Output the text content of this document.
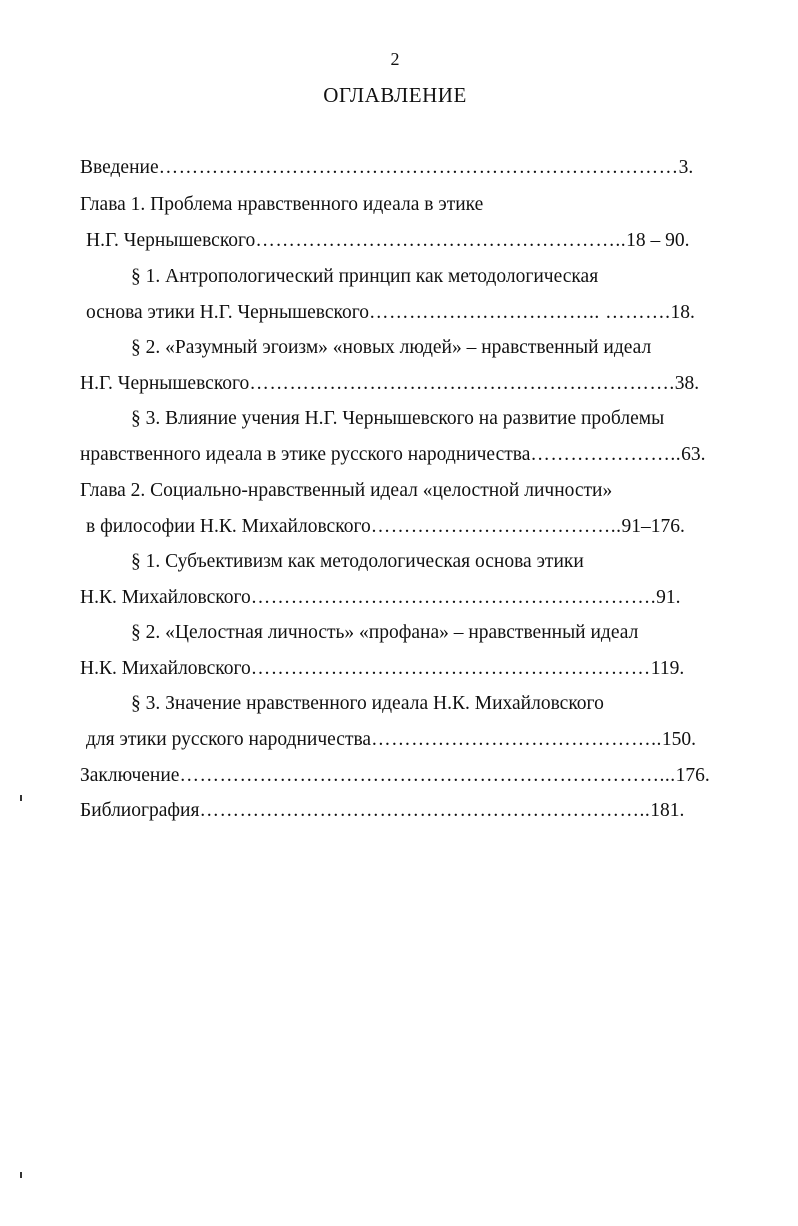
2
ОГЛАВЛЕНИЕ
Введение……………………………………………………………………3.
Глава 1. Проблема нравственного идеала в этике
Н.Г. Чернышевского………………………………………………..18 – 90.
§ 1. Антропологический принцип как методологическая
основа этики Н.Г. Чернышевского…………………………….. ……….18.
§ 2. «Разумный эгоизм» «новых людей» – нравственный идеал
Н.Г. Чернышевского……………………………………………………….38.
§ 3. Влияние учения Н.Г. Чернышевского на развитие проблемы
нравственного идеала в этике русского народничества…………………..63.
Глава 2. Социально-нравственный идеал «целостной личности»
в философии Н.К. Михайловского………………………………..91–176.
§ 1. Субъективизм как методологическая основа этики
Н.К. Михайловского…………………………………………………….91.
§ 2. «Целостная личность» «профана» – нравственный идеал
Н.К. Михайловского……………………………………………………119.
§ 3. Значение нравственного идеала Н.К. Михайловского
для этики русского народничества……………………………………..150.
Заключение………………………………………………………………...176.
Библиография…………………………………………………………..181.
